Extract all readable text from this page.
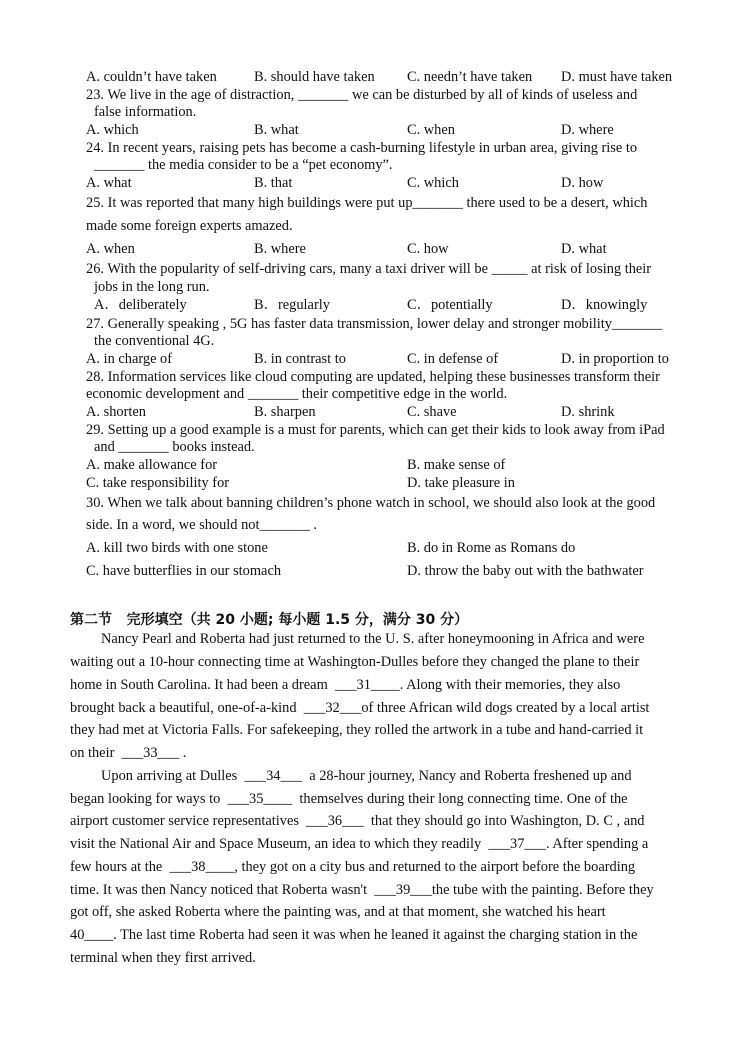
A. couldn’t have taken	B. should have taken C. needn’t have taken D. must have taken
23. We live in the age of distraction, _______ we can be disturbed by all of kinds of useless and
false information.
A. which	B. what	C. when	D. where
24. In recent years, raising pets has become a cash-burning lifestyle in urban area, giving rise to
_______ the media consider to be a “pet economy”.
A. what	B. that	C. which	D. how
25. It was reported that many high buildings were put up_______ there used to be a desert, which
made some foreign experts amazed.
A. when	B. where	C. how	D. what
26. With the popularity of self-driving cars, many a taxi driver will be _____ at risk of losing their
jobs in the long run.
A．deliberately	B．regularly	C．potentially	D．knowingly
27. Generally speaking , 5G has faster data transmission, lower delay and stronger mobility_______
the conventional 4G.
A. in charge of	B. in contrast to	C. in defense of	D. in proportion to
28. Information services like cloud computing are updated, helping these businesses transform their
economic development and _______ their competitive edge in the world.
A. shorten	B. sharpen	C. shave	D. shrink
29. Setting up a good example is a must for parents, which can get their kids to look away from iPad
and _______ books instead.
A. make allowance for	B. make sense of
C. take responsibility for	D. take pleasure in
30. When we talk about banning children’s phone watch in school, we should also look at the good
side. In a word, we should not_______ .
A. kill two birds with one stone	B. do in Rome as Romans do
C. have butterflies in our stomach	D. throw the baby out with the bathwater
第二节   完形填空（共 20 小题; 每小题 1.5 分，满分 30 分）
Nancy Pearl and Roberta had just returned to the U. S. after honeymooning in Africa and were
waiting out a 10-hour connecting time at Washington-Dulles before they changed the plane to their
home in South Carolina. It had been a dream  ___31____. Along with their memories, they also
brought back a beautiful, one-of-a-kind  ___32___of three African wild dogs created by a local artist
they had met at Victoria Falls. For safekeeping, they rolled the artwork in a tube and hand-carried it
on their  ___33___ .
Upon arriving at Dulles  ___34___  a 28-hour journey, Nancy and Roberta freshened up and
began looking for ways to  ___35____  themselves during their long connecting time. One of the
airport customer service representatives  ___36___  that they should go into Washington, D. C , and
visit the National Air and Space Museum, an idea to which they readily  ___37___. After spending a
few hours at the  ___38____, they got on a city bus and returned to the airport before the boarding
time. It was then Nancy noticed that Roberta wasn't  ___39___the tube with the painting. Before they
got off, she asked Roberta where the painting was, and at that moment, she watched his heart
40____. The last time Roberta had seen it was when he leaned it against the charging station in the
terminal when they first arrived.
